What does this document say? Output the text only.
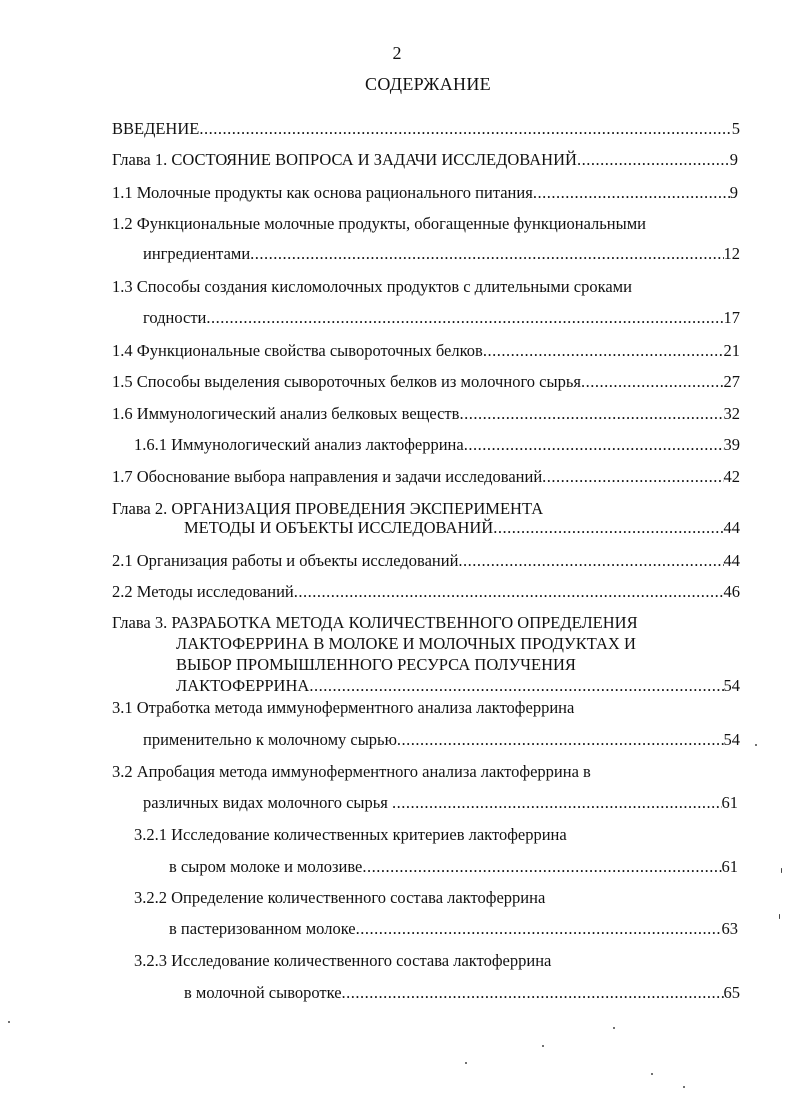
2
СОДЕРЖАНИЕ
ВВЕДЕНИЕ .....	5
Глава 1. СОСТОЯНИЕ ВОПРОСА И ЗАДАЧИ ИССЛЕДОВАНИЙ .....	9
1.1 Молочные продукты как основа рационального питания .....	9
1.2 Функциональные молочные продукты, обогащенные функциональными
ингредиентами .....	12
1.3 Способы создания кисломолочных продуктов с длительными сроками
годности .....	17
1.4 Функциональные свойства сывороточных белков .....	21
1.5 Способы выделения сывороточных белков из молочного сырья .....	27
1.6 Иммунологический анализ белковых веществ .....	32
1.6.1 Иммунологический анализ лактоферрина .....	39
1.7 Обоснование выбора направления и задачи исследований .....	42
Глава 2. ОРГАНИЗАЦИЯ ПРОВЕДЕНИЯ ЭКСПЕРИМЕНТА
МЕТОДЫ И ОБЪЕКТЫ ИССЛЕДОВАНИЙ .....	44
2.1 Организация работы и объекты исследований .....	44
2.2 Методы исследований .....	46
Глава 3. РАЗРАБОТКА МЕТОДА КОЛИЧЕСТВЕННОГО ОПРЕДЕЛЕНИЯ
ЛАКТОФЕРРИНА В МОЛОКЕ И МОЛОЧНЫХ ПРОДУКТАХ И
ВЫБОР ПРОМЫШЛЕННОГО РЕСУРСА ПОЛУЧЕНИЯ
ЛАКТОФЕРРИНА .....	54
3.1 Отработка метода иммуноферментного анализа лактоферрина
применительно к молочному сырью .....	54
3.2 Апробация метода иммуноферментного анализа лактоферрина в
различных видах молочного сырья .....	61
3.2.1 Исследование количественных критериев лактоферрина
в сыром молоке и молозиве .....	61
3.2.2 Определение количественного состава лактоферрина
в пастеризованном молоке .....	63
3.2.3 Исследование количественного состава лактоферрина
в молочной сыворотке .....	65
